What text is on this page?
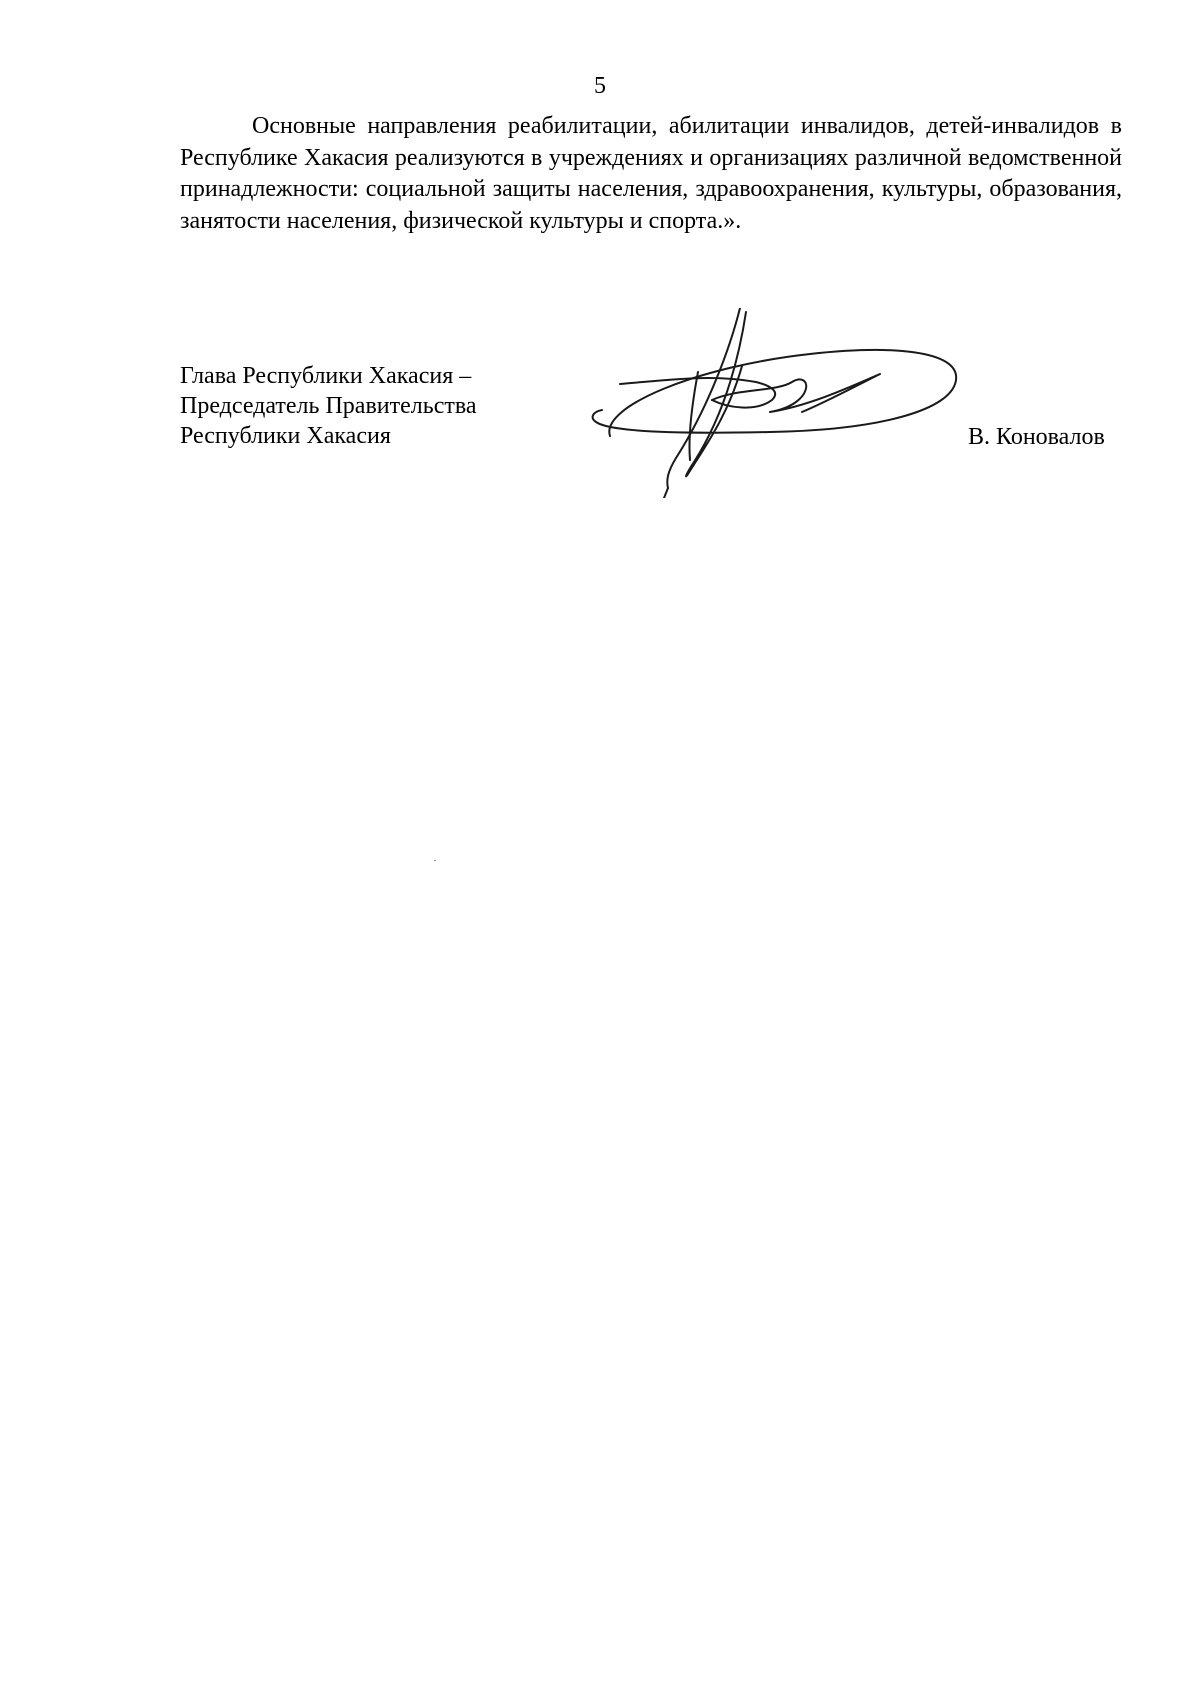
5

Основные направления реабилитации, абилитации инвалидов, детей-инвалидов в Республике Хакасия реализуются в учреждениях и организациях различной ведомственной принадлежности: социальной защиты населения, здравоохранения, культуры, образования, занятости населения, физической культуры и спорта.».

Глава Республики Хакасия –
Председатель Правительства
Республики Хакасия	В. Коновалов
